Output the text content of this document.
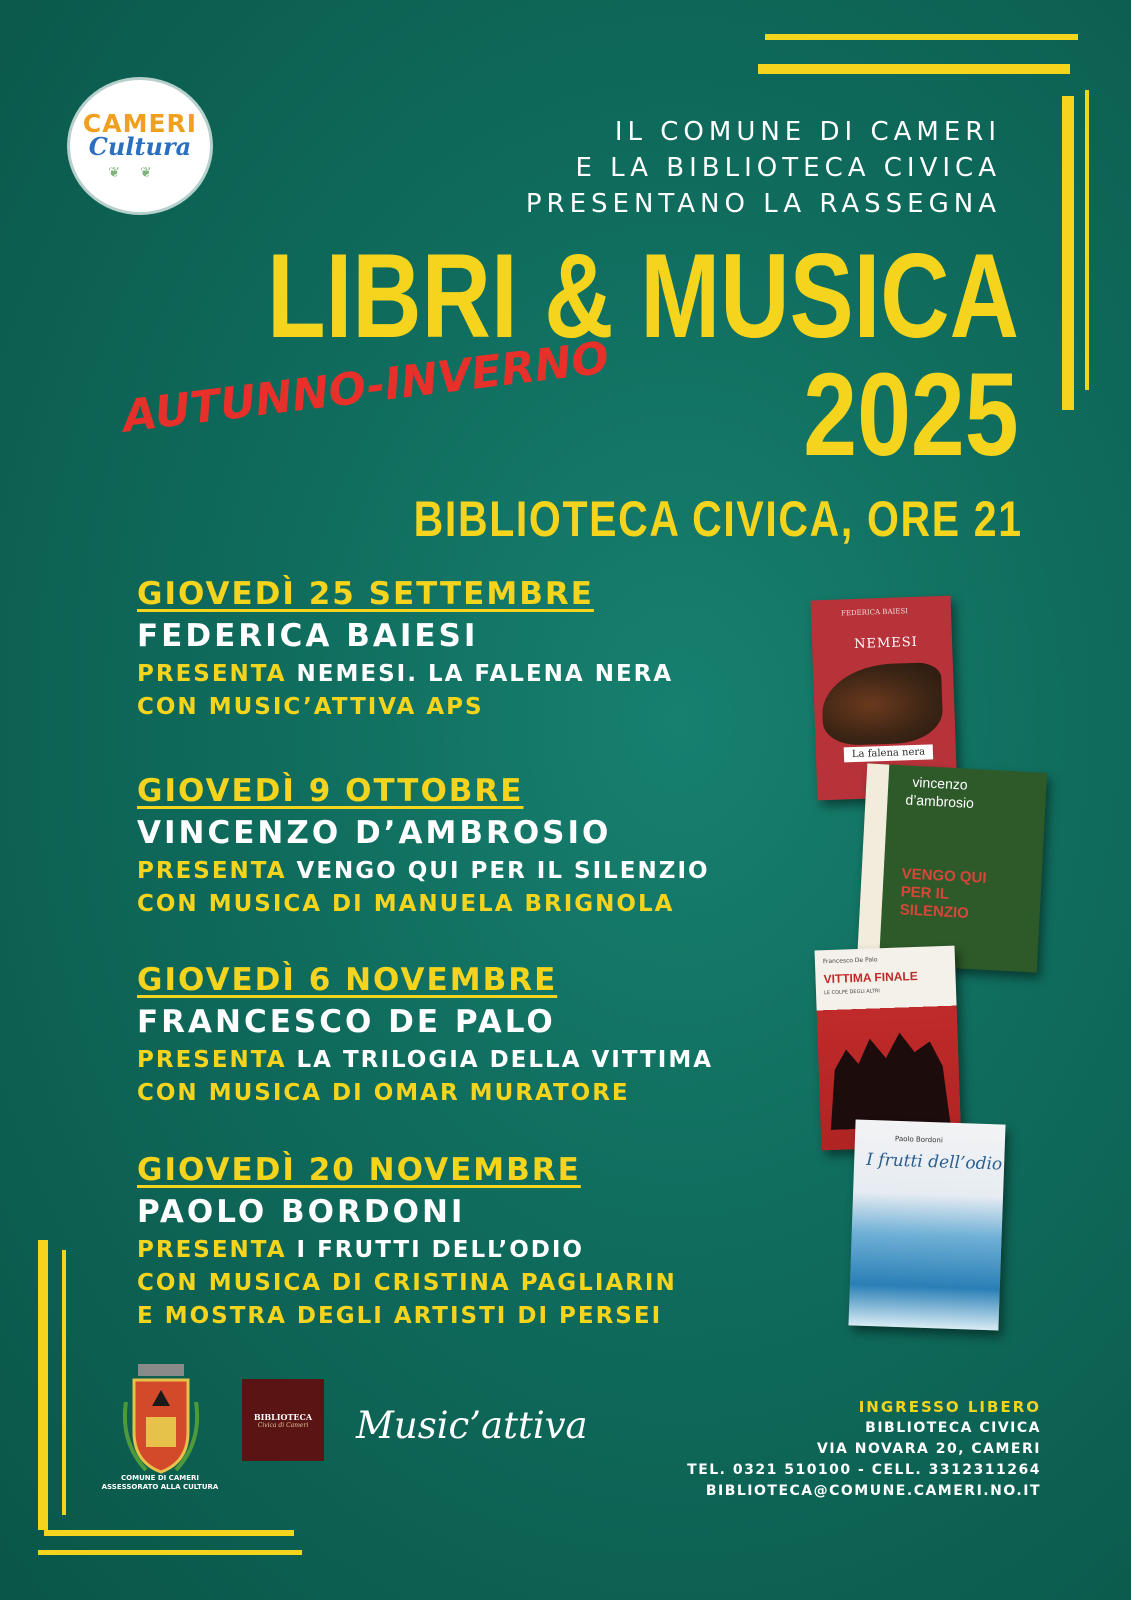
CAMERI
Cultura
❦❦
IL COMUNE DI CAMERI
E LA BIBLIOTECA CIVICA
PRESENTANO LA RASSEGNA
LIBRI & MUSICA
2025
AUTUNNO-INVERNO
BIBLIOTECA CIVICA, ORE 21
GIOVEDÌ 25 SETTEMBRE
FEDERICA BAIESI
PRESENTA NEMESI. LA FALENA NERA
CON MUSIC’ATTIVA APS
GIOVEDÌ 9 OTTOBRE
VINCENZO D’AMBROSIO
PRESENTA VENGO QUI PER IL SILENZIO
CON MUSICA DI MANUELA BRIGNOLA
GIOVEDÌ 6 NOVEMBRE
FRANCESCO DE PALO
PRESENTA LA TRILOGIA DELLA VITTIMA
CON MUSICA DI OMAR MURATORE
GIOVEDÌ 20 NOVEMBRE
PAOLO BORDONI
PRESENTA I FRUTTI DELL’ODIO
CON MUSICA DI CRISTINA PAGLIARIN
E MOSTRA DEGLI ARTISTI DI PERSEI
FEDERICA BAIESI
NEMESI
La falena nera
vincenzo
d’ambrosio
VENGO QUI
PER IL
SILENZIO
Francesco De Palo
VITTIMA FINALE
LE COLPE DEGLI ALTRI
Paolo Bordoni
I frutti dell’odio
COMUNE DI CAMERI
ASSESSORATO ALLA CULTURA
BIBLIOTECA
Civica di Cameri Music’attiva	INGRESSO LIBERO
BIBLIOTECA CIVICA
VIA NOVARA 20, CAMERI
TEL. 0321 510100 - CELL. 3312311264
BIBLIOTECA@COMUNE.CAMERI.NO.IT
